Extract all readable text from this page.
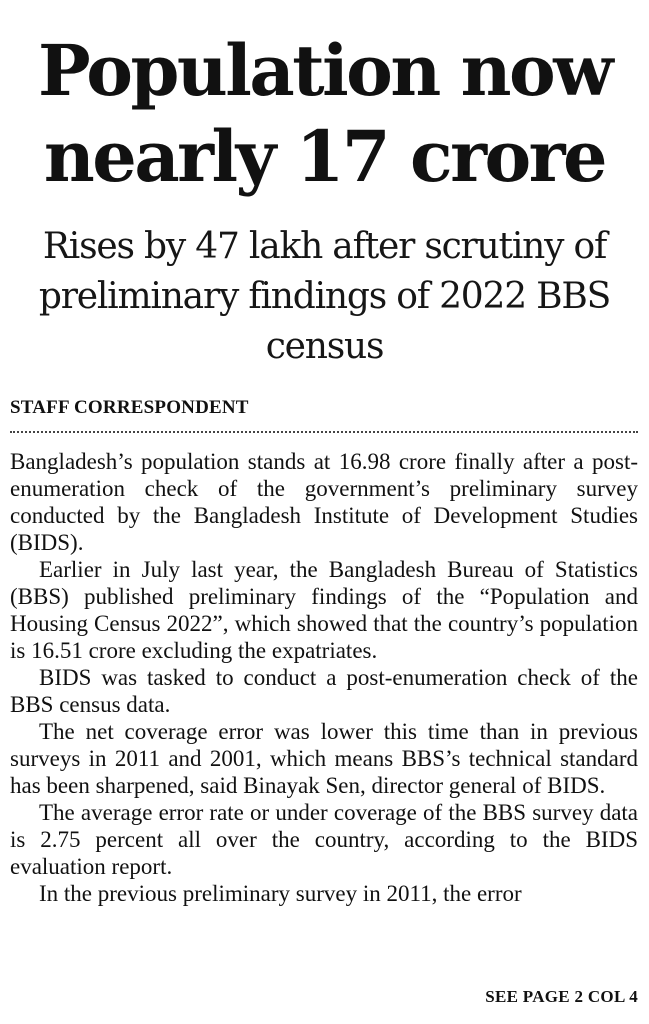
Population now nearly 17 crore
Rises by 47 lakh after scrutiny of preliminary findings of 2022 BBS census
STAFF CORRESPONDENT

Bangladesh’s population stands at 16.98 crore finally after a post-enumeration check of the government’s preliminary survey conducted by the Bangladesh Institute of Development Studies (BIDS).

Earlier in July last year, the Bangladesh Bureau of Statistics (BBS) published preliminary findings of the “Population and Housing Census 2022”, which showed that the country’s population is 16.51 crore excluding the expatriates.

BIDS was tasked to conduct a post-enumeration check of the BBS census data.

The net coverage error was lower this time than in previous surveys in 2011 and 2001, which means BBS’s technical standard has been sharpened, said Binayak Sen, director general of BIDS.

The average error rate or under coverage of the BBS survey data is 2.75 percent all over the country, according to the BIDS evaluation report.

In the previous preliminary survey in 2011, the error

SEE PAGE 2 COL 4
